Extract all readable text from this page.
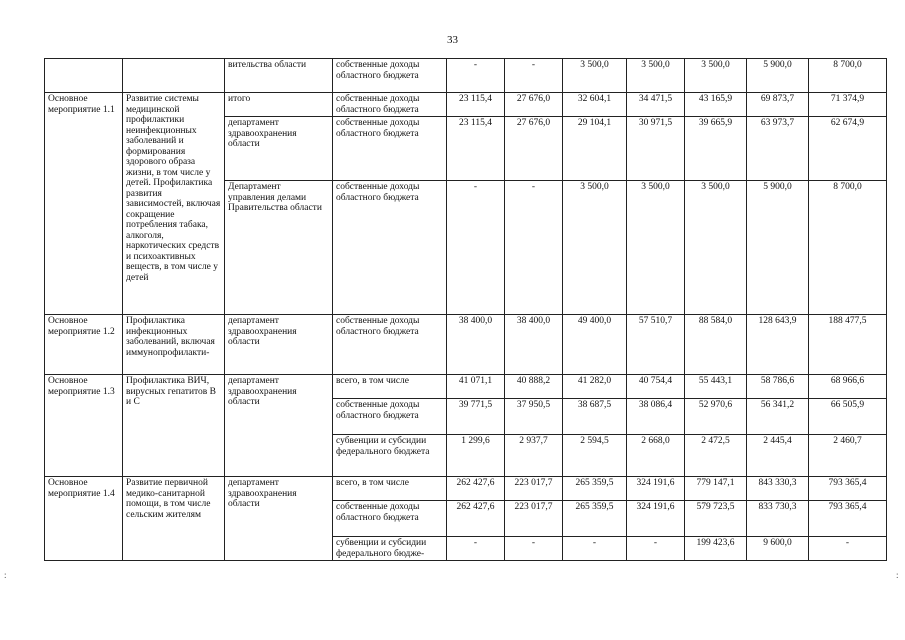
33
:	:
		вительства области	собственные доходы областного бюджета	-	-	3 500,0	3 500,0	3 500,0	5 900,0	8 700,0
Основное мероприятие 1.1	Развитие системы медицинской профилактики неинфекционных заболеваний и формирования здорового образа жизни, в том числе у детей. Профилактика развития зависимостей, включая сокращение потребления табака, алкоголя, наркотических средств и психоактивных веществ, в том числе у детей	итого	собственные доходы областного бюджета	23 115,4	27 676,0	32 604,1	34 471,5	43 165,9	69 873,7	71 374,9
		департамент здравоохранения области	собственные доходы областного бюджета	23 115,4	27 676,0	29 104,1	30 971,5	39 665,9	63 973,7	62 674,9
		Департамент управления делами Правительства области	собственные доходы областного бюджета	-	-	3 500,0	3 500,0	3 500,0	5 900,0	8 700,0
Основное мероприятие 1.2	Профилактика инфекционных заболеваний, включая иммунопрофилакти-	департамент здравоохранения области	собственные доходы областного бюджета	38 400,0	38 400,0	49 400,0	57 510,7	88 584,0	128 643,9	188 477,5
Основное мероприятие 1.3	Профилактика ВИЧ, вирусных гепатитов В и С	департамент здравоохранения области	всего, в том числе	41 071,1	40 888,2	41 282,0	40 754,4	55 443,1	58 786,6	68 966,6
			собственные доходы областного бюджета	39 771,5	37 950,5	38 687,5	38 086,4	52 970,6	56 341,2	66 505,9
			субвенции и субсидии федерального бюджета	1 299,6	2 937,7	2 594,5	2 668,0	2 472,5	2 445,4	2 460,7
Основное мероприятие 1.4	Развитие первичной медико-санитарной помощи, в том числе сельским жителям	департамент здравоохранения области	всего, в том числе	262 427,6	223 017,7	265 359,5	324 191,6	779 147,1	843 330,3	793 365,4
			собственные доходы областного бюджета	262 427,6	223 017,7	265 359,5	324 191,6	579 723,5	833 730,3	793 365,4
			субвенции и субсидии федерального бюдже-	-	-	-	-	199 423,6	9 600,0	-
